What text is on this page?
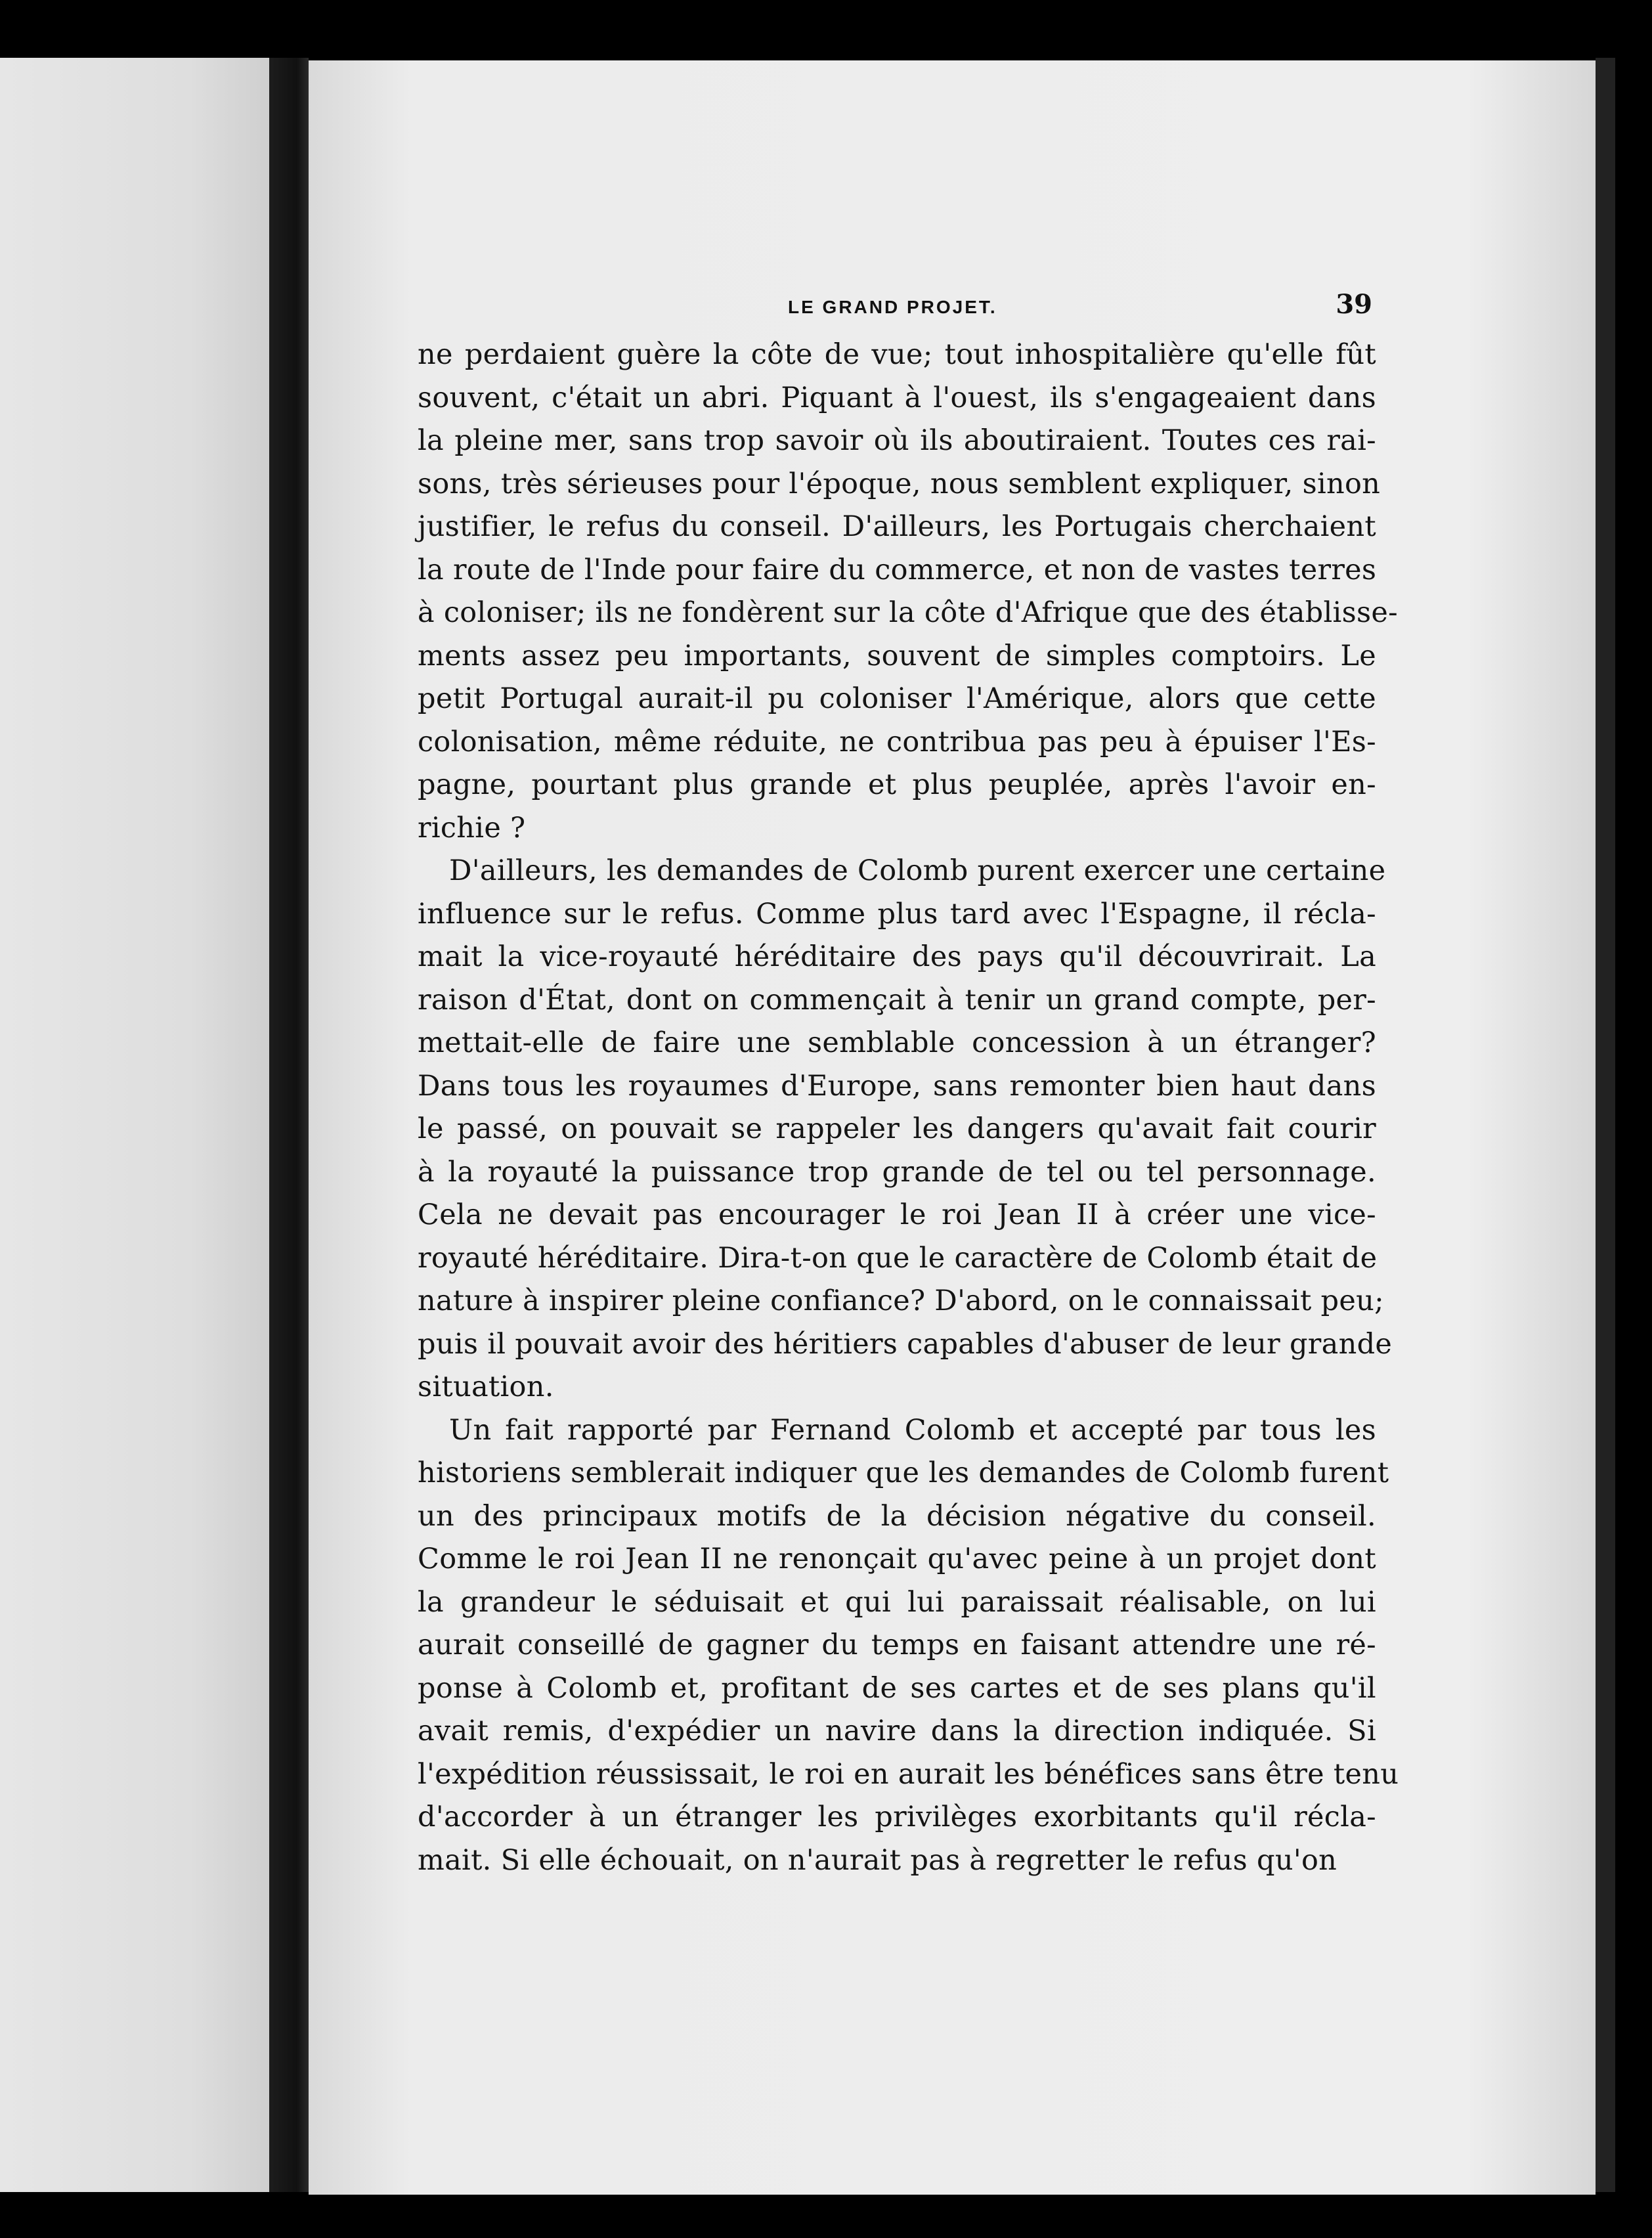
LE GRAND PROJET.	39

ne perdaient guère la côte de vue; tout inhospitalière qu'elle fût
souvent, c'était un abri. Piquant à l'ouest, ils s'engageaient dans
la pleine mer, sans trop savoir où ils aboutiraient. Toutes ces rai-
sons, très sérieuses pour l'époque, nous semblent expliquer, sinon
justifier, le refus du conseil. D'ailleurs, les Portugais cherchaient
la route de l'Inde pour faire du commerce, et non de vastes terres
à coloniser; ils ne fondèrent sur la côte d'Afrique que des établisse-
ments assez peu importants, souvent de simples comptoirs. Le
petit Portugal aurait-il pu coloniser l'Amérique, alors que cette
colonisation, même réduite, ne contribua pas peu à épuiser l'Es-
pagne, pourtant plus grande et plus peuplée, après l'avoir en-
richie ?

D'ailleurs, les demandes de Colomb purent exercer une certaine
influence sur le refus. Comme plus tard avec l'Espagne, il récla-
mait la vice-royauté héréditaire des pays qu'il découvrirait. La
raison d'État, dont on commençait à tenir un grand compte, per-
mettait-elle de faire une semblable concession à un étranger?
Dans tous les royaumes d'Europe, sans remonter bien haut dans
le passé, on pouvait se rappeler les dangers qu'avait fait courir
à la royauté la puissance trop grande de tel ou tel personnage.
Cela ne devait pas encourager le roi Jean II à créer une vice-
royauté héréditaire. Dira-t-on que le caractère de Colomb était de
nature à inspirer pleine confiance? D'abord, on le connaissait peu;
puis il pouvait avoir des héritiers capables d'abuser de leur grande
situation.

Un fait rapporté par Fernand Colomb et accepté par tous les
historiens semblerait indiquer que les demandes de Colomb furent
un des principaux motifs de la décision négative du conseil.
Comme le roi Jean II ne renonçait qu'avec peine à un projet dont
la grandeur le séduisait et qui lui paraissait réalisable, on lui
aurait conseillé de gagner du temps en faisant attendre une ré-
ponse à Colomb et, profitant de ses cartes et de ses plans qu'il
avait remis, d'expédier un navire dans la direction indiquée. Si
l'expédition réussissait, le roi en aurait les bénéfices sans être tenu
d'accorder à un étranger les privilèges exorbitants qu'il récla-
mait. Si elle échouait, on n'aurait pas à regretter le refus qu'on
